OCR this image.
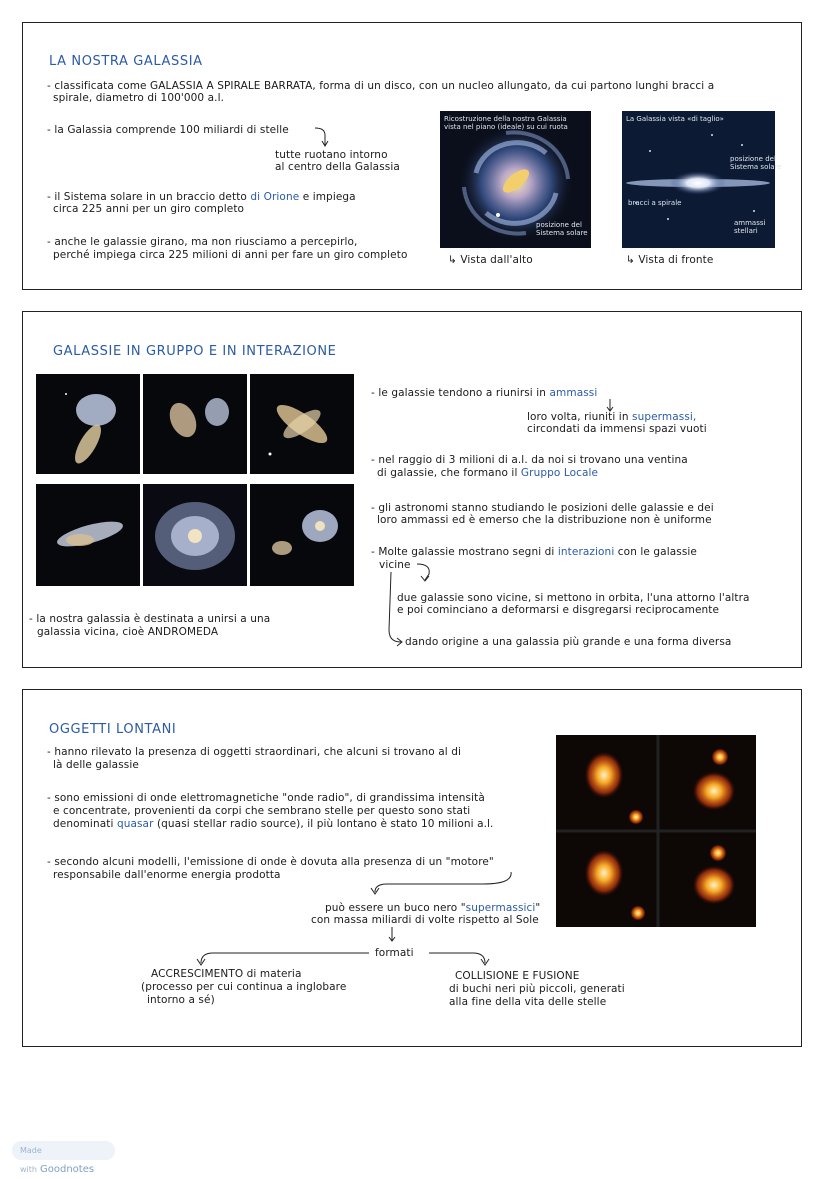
LA NOSTRA GALASSIA
- classificata come GALASSIA A SPIRALE BARRATA, forma di un disco, con un nucleo allungato, da cui partono lunghi bracci a
spirale, diametro di 100'000 a.l.
- la Galassia comprende 100 miliardi di stelle
tutte ruotano intorno
al centro della Galassia
- il Sistema solare in un braccio detto di Orione e impiega
circa 225 anni per un giro completo
- anche le galassie girano, ma non riusciamo a percepirlo,
perché impiega circa 225 milioni di anni per fare un giro completo
Ricostruzione della nostra Galassia
vista nel piano (ideale) su cui ruota
posizione del
Sistema solare
↳ Vista dall'alto
La Galassia vista «di taglio»
posizione del
Sistema solare
bracci a spirale
ammassi
stellari
↳ Vista di fronte
GALASSIE IN GRUPPO E IN INTERAZIONE
- le galassie tendono a riunirsi in ammassi
loro volta, riuniti in supermassi,
circondati da immensi spazi vuoti
- nel raggio di 3 milioni di a.l. da noi si trovano una ventina
di galassie, che formano il Gruppo Locale
- gli astronomi stanno studiando le posizioni delle galassie e dei
loro ammassi ed è emerso che la distribuzione non è uniforme
- Molte galassie mostrano segni di interazioni con le galassie
vicine
due galassie sono vicine, si mettono in orbita, l'una attorno l'altra
e poi cominciano a deformarsi e disgregarsi reciprocamente
dando origine a una galassia più grande e una forma diversa
- la nostra galassia è destinata a unirsi a una
galassia vicina, cioè ANDROMEDA
OGGETTI LONTANI
- hanno rilevato la presenza di oggetti straordinari, che alcuni si trovano al di
là delle galassie
- sono emissioni di onde elettromagnetiche "onde radio", di grandissima intensità
e concentrate, provenienti da corpi che sembrano stelle per questo sono stati
denominati quasar (quasi stellar radio source), il più lontano è stato 10 milioni a.l.
- secondo alcuni modelli, l'emissione di onde è dovuta alla presenza di un "motore"
responsabile dall'enorme energia prodotta
può essere un buco nero "supermassici"
con massa miliardi di volte rispetto al Sole
formati
ACCRESCIMENTO di materia
(processo per cui continua a inglobare
intorno a sé)
COLLISIONE E FUSIONE
di buchi neri più piccoli, generati
alla fine della vita delle stelle
Made with Goodnotes
